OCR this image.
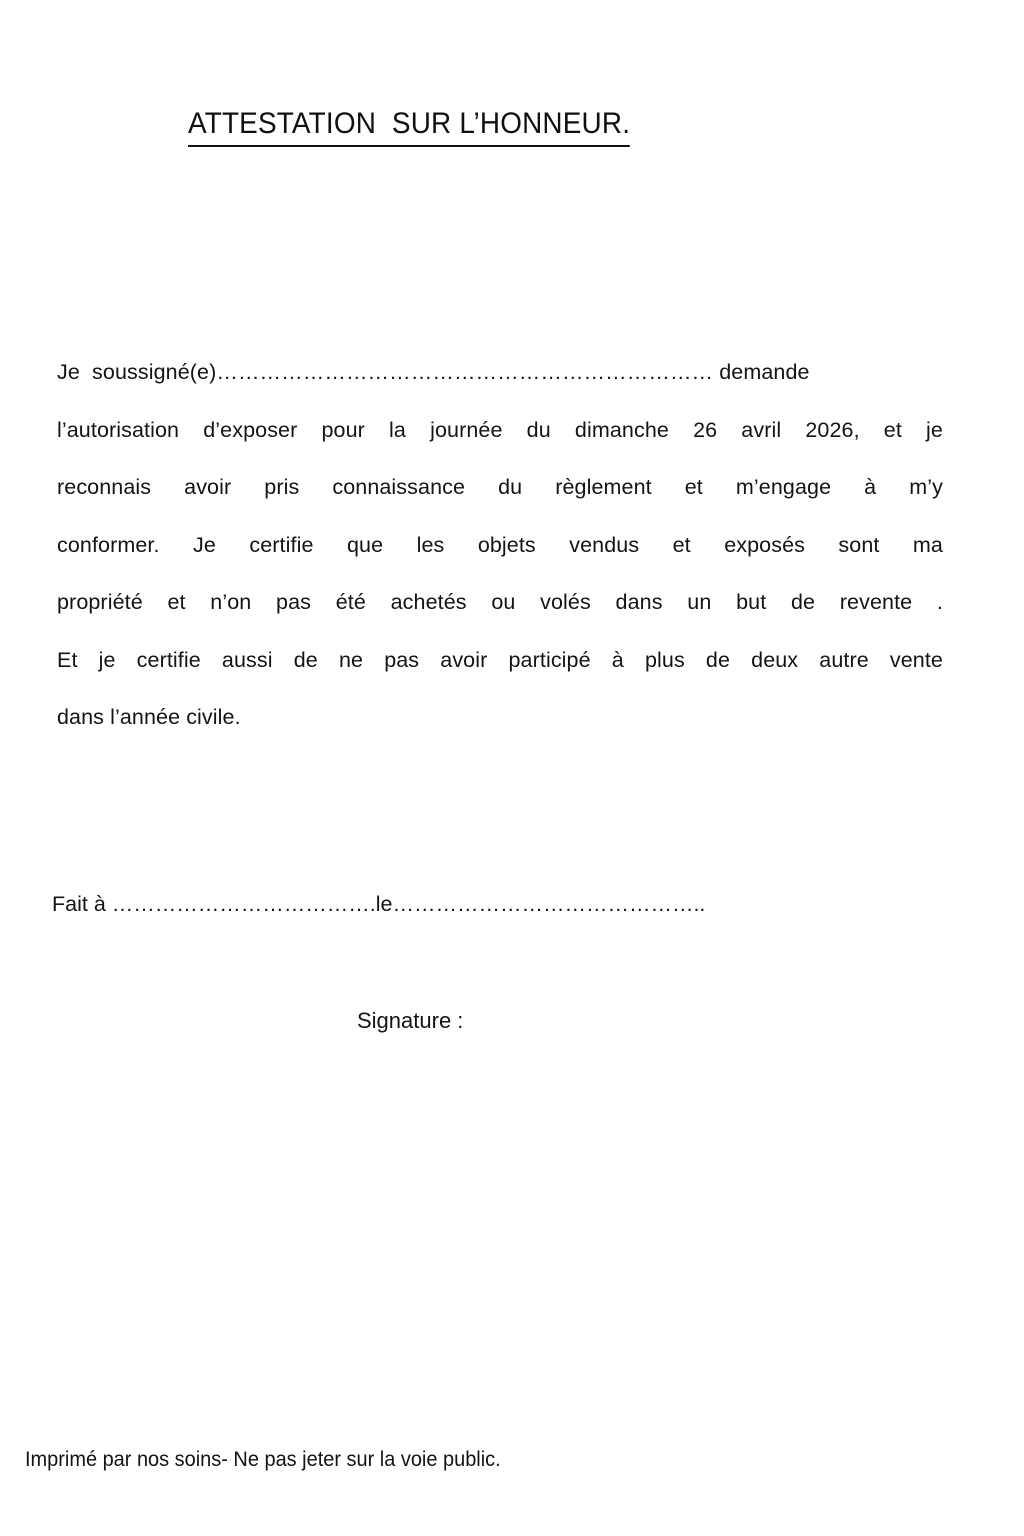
ATTESTATION  SUR L’HONNEUR.
Je  soussigné(e)…………………………………………………………… demande
l’autorisation d’exposer pour la journée du dimanche 26 avril 2026, et je
reconnais avoir pris connaissance du règlement et m’engage à m’y
conformer. Je certifie que les objets vendus et exposés sont ma
propriété et n’on pas été achetés ou volés dans un but de revente .
Et je certifie aussi de ne pas avoir participé à plus de deux autre vente
dans l’année civile.
Fait à ……………………………….le……………………………………..
Signature :
Imprimé par nos soins- Ne pas jeter sur la voie public.
